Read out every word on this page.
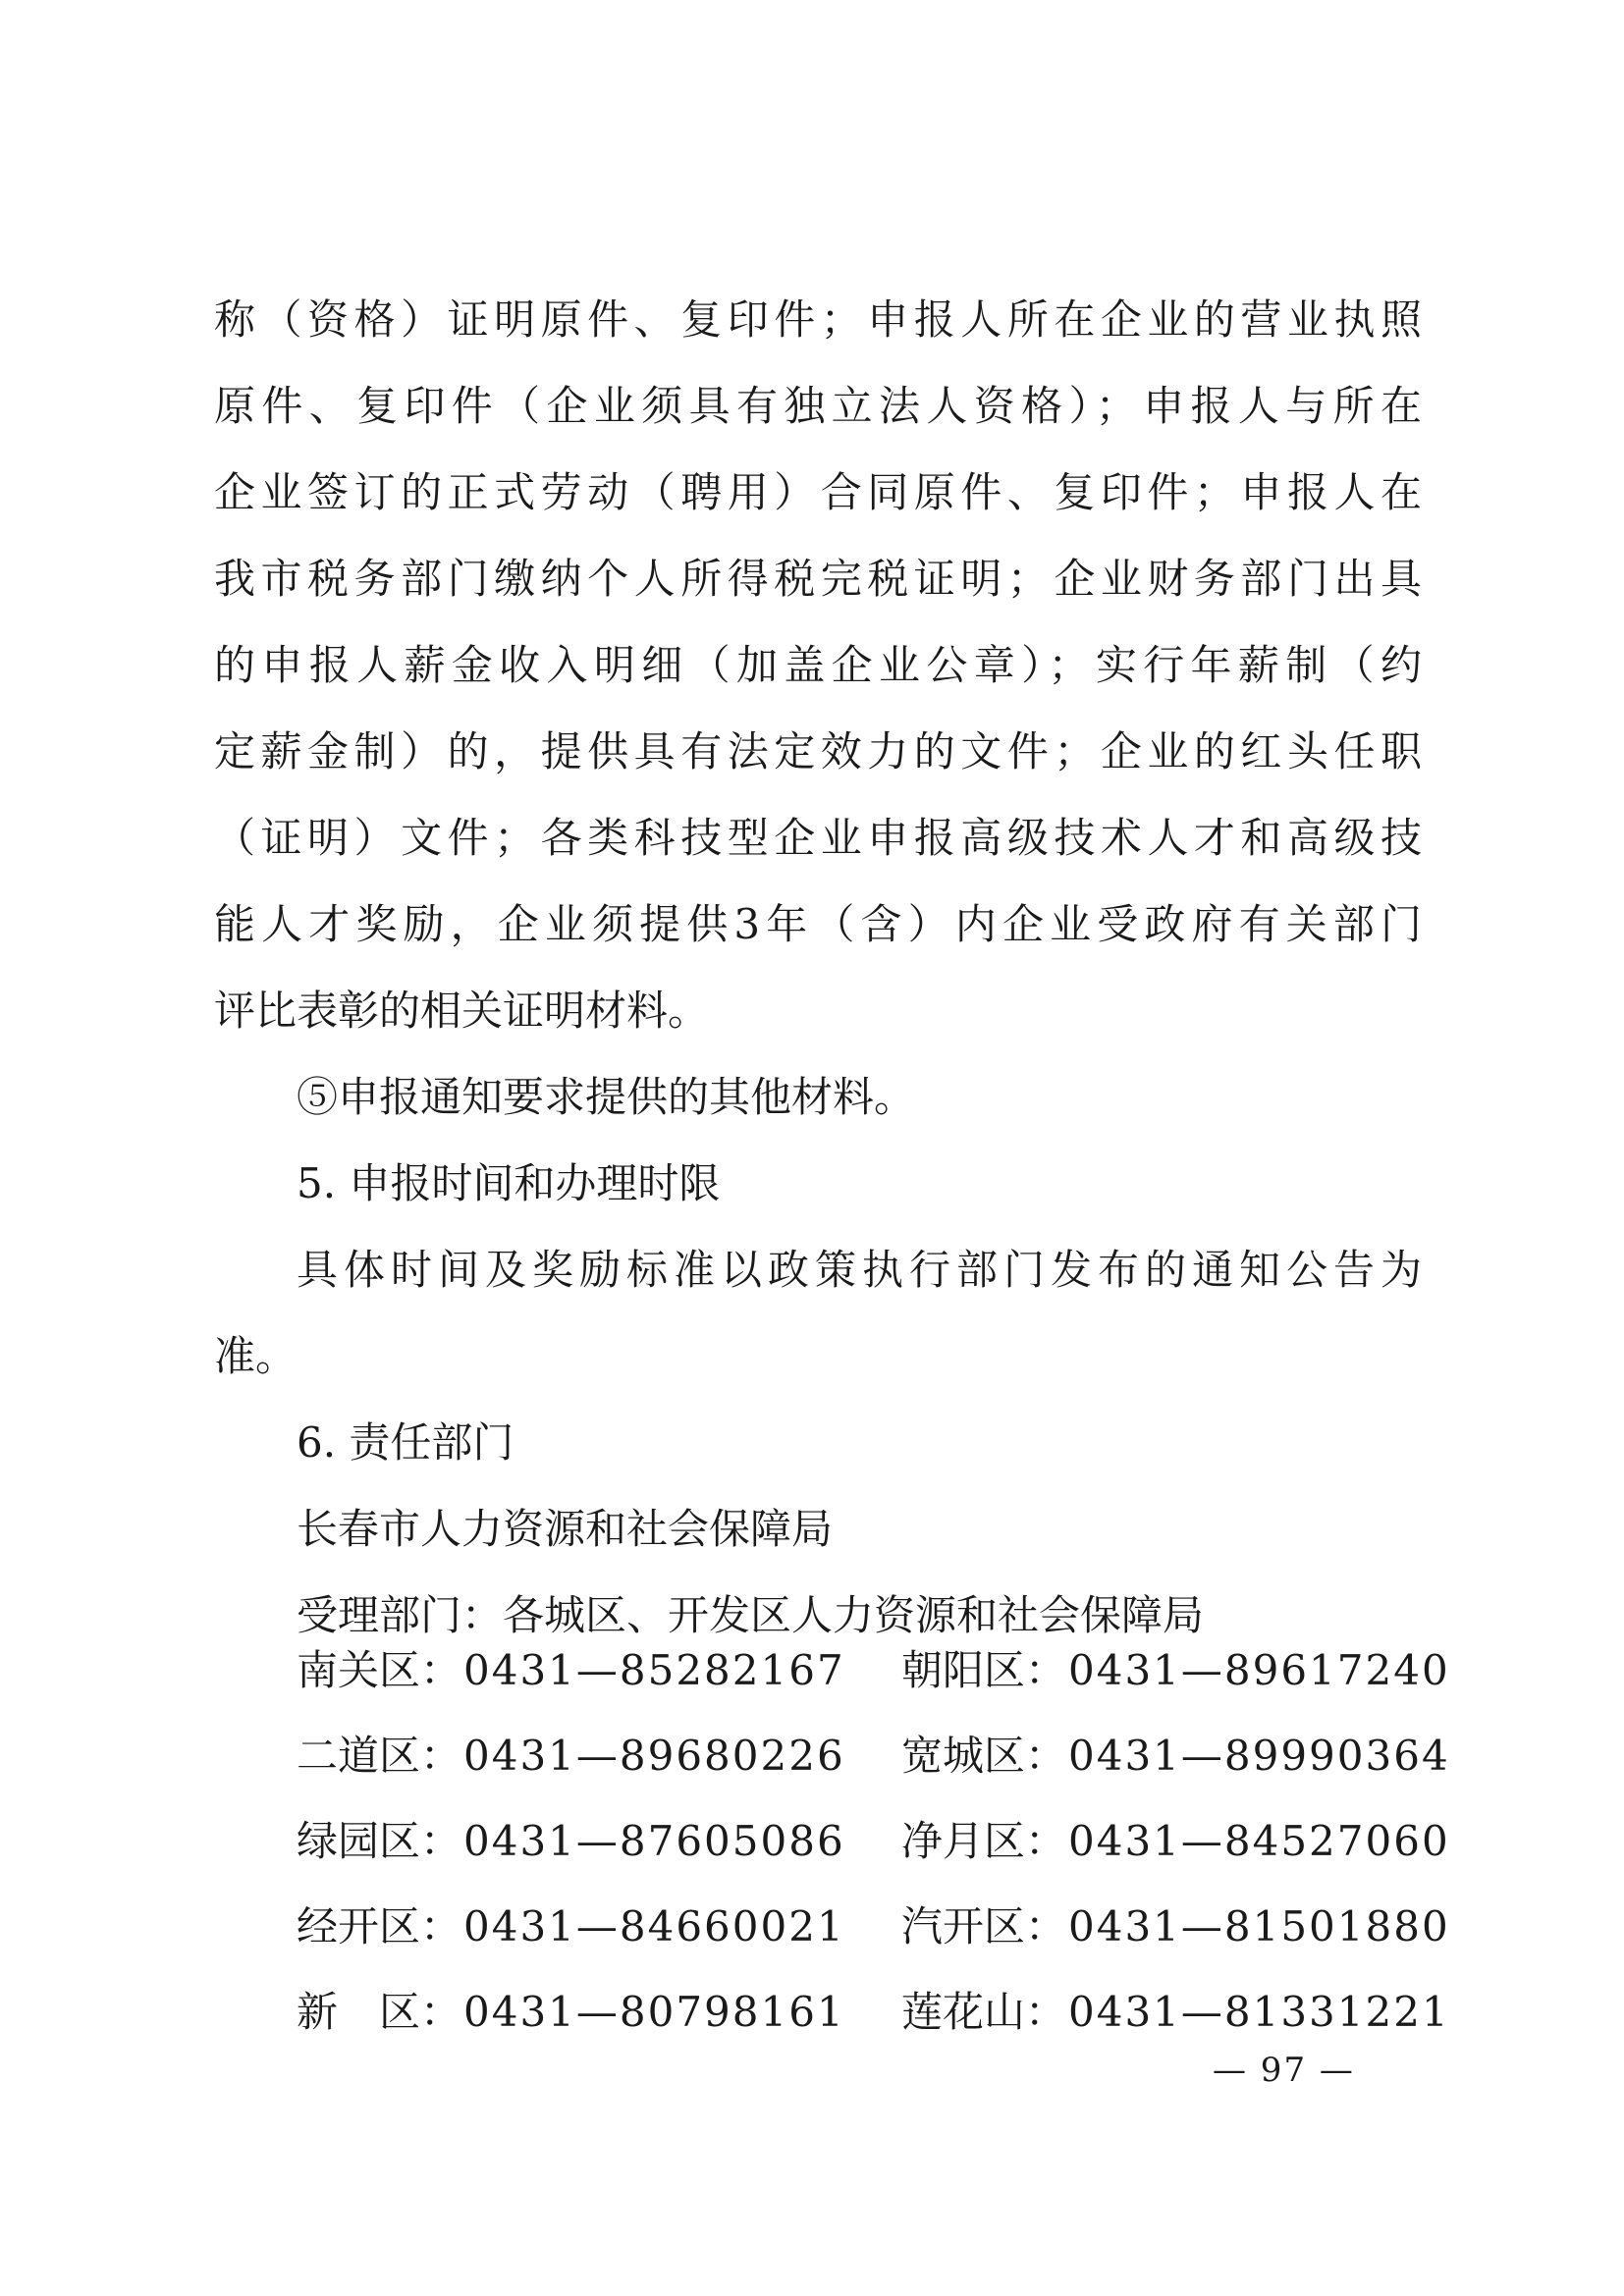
称（资格）证明原件、复印件；申报人所在企业的营业执照
原件、复印件（企业须具有独立法人资格）；申报人与所在
企业签订的正式劳动（聘用）合同原件、复印件；申报人在
我市税务部门缴纳个人所得税完税证明；企业财务部门出具
的申报人薪金收入明细（加盖企业公章）；实行年薪制（约
定薪金制）的，提供具有法定效力的文件；企业的红头任职
（证明）文件；各类科技型企业申报高级技术人才和高级技
能人才奖励，企业须提供3年（含）内企业受政府有关部门
评比表彰的相关证明材料。
⑤申报通知要求提供的其他材料。
5. 申报时间和办理时限
具体时间及奖励标准以政策执行部门发布的通知公告为
准。
6. 责任部门
长春市人力资源和社会保障局
受理部门：各城区、开发区人力资源和社会保障局
南关区：0431—85282167 朝阳区：0431—89617240
二道区：0431—89680226 宽城区：0431—89990364
绿园区：0431—87605086 净月区：0431—84527060
经开区：0431—84660021 汽开区：0431—81501880
新 区：0431—80798161 莲花山：0431—81331221
— 97 —
